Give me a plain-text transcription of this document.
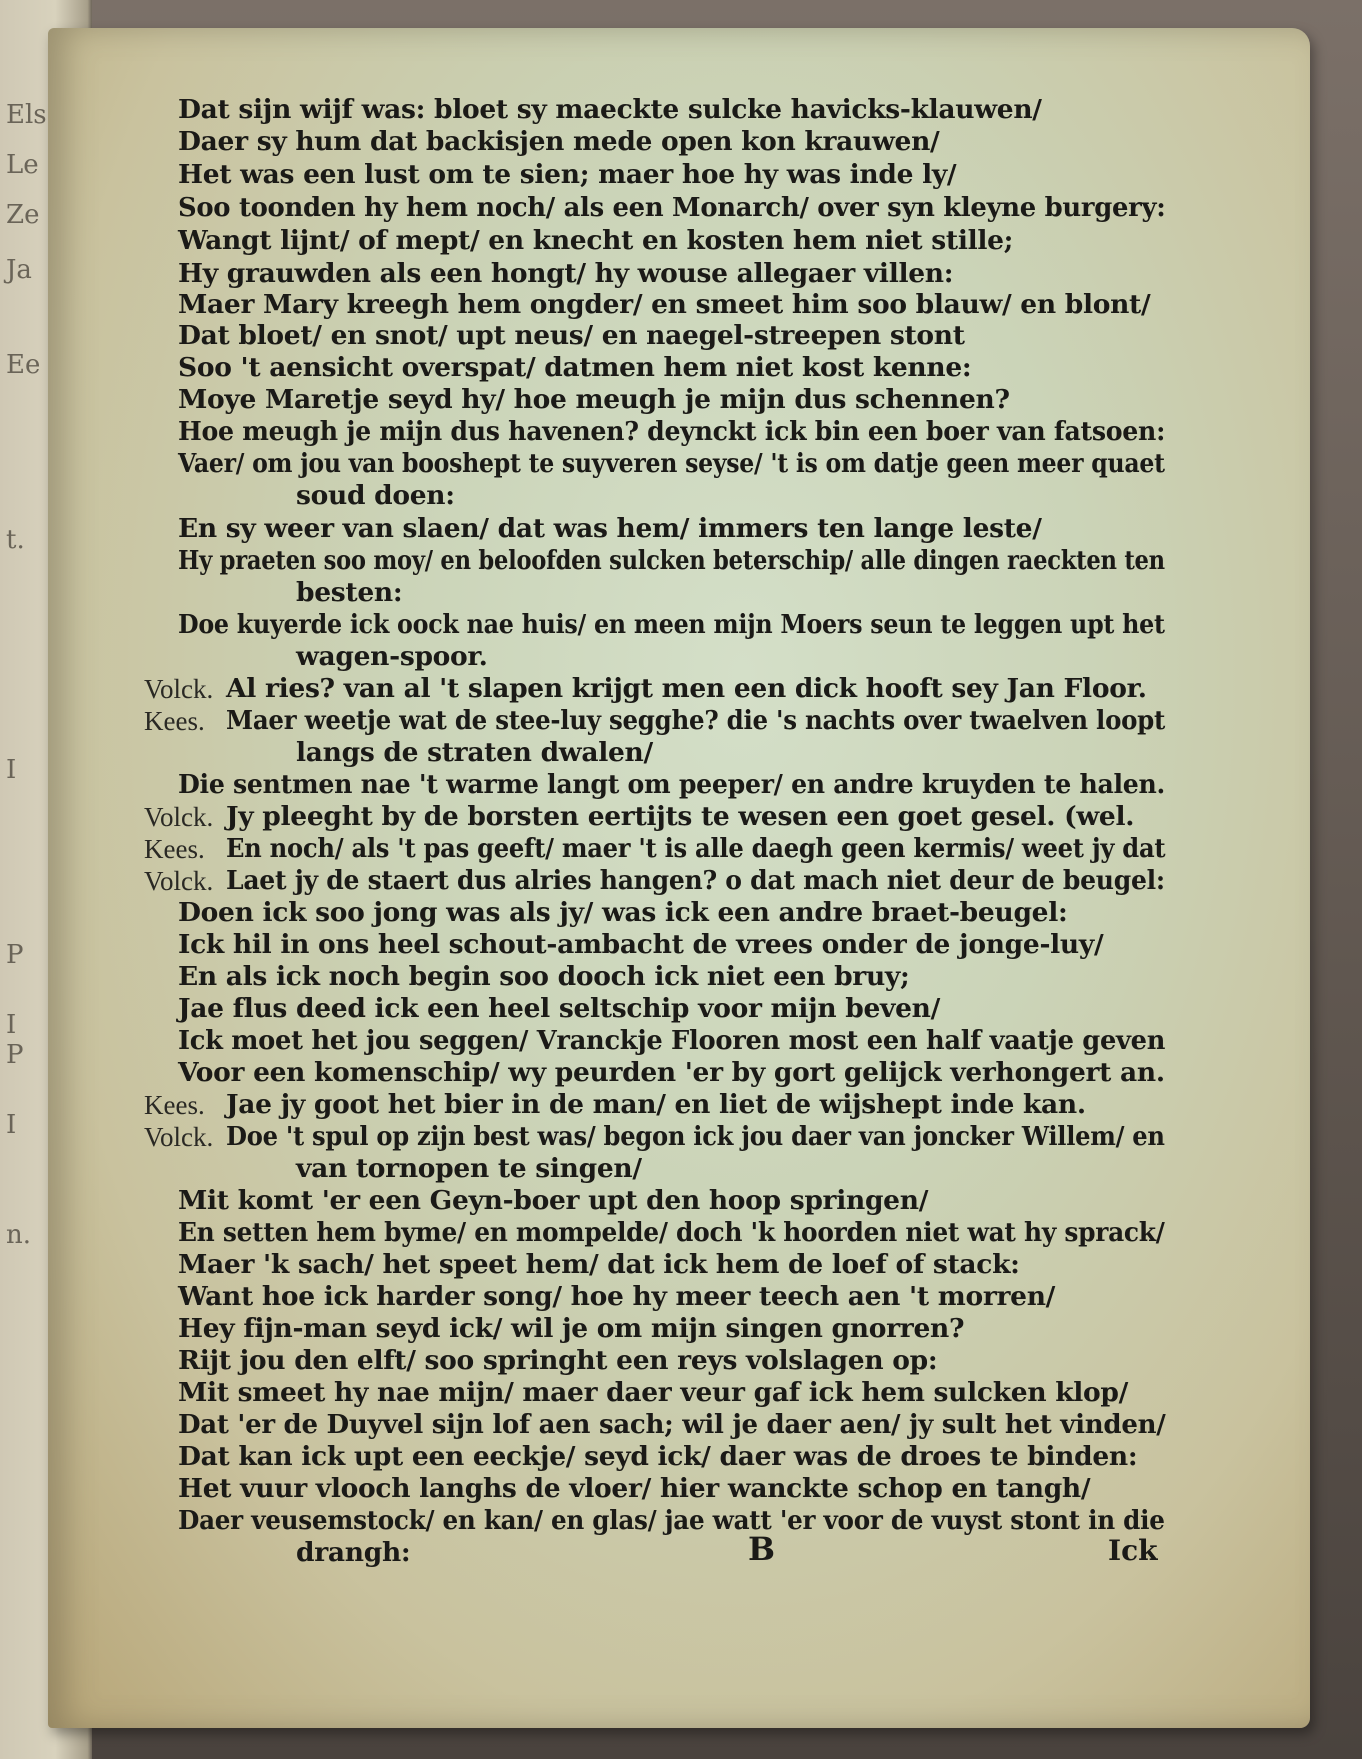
Els
Le
Ze
Ja
Ee
t.
I
P
I
P
I
n.

Dat sijn wijf was: bloet sy maeckte sulcke havicks-klauwen/
Daer sy hum dat backisjen mede open kon krauwen/
Het was een lust om te sien; maer hoe hy was inde ly/
Soo toonden hy hem noch/ als een Monarch/ over syn kleyne burgery:
Wangt lijnt/ of mept/ en knecht en kosten hem niet stille;
Hy grauwden als een hongt/ hy wouse allegaer villen:
Maer Mary kreegh hem ongder/ en smeet him soo blauw/ en blont/
Dat bloet/ en snot/ upt neus/ en naegel-streepen stont
Soo 't aensicht overspat/ datmen hem niet kost kenne:
Moye Maretje seyd hy/ hoe meugh je mijn dus schennen?
Hoe meugh je mijn dus havenen? deynckt ick bin een boer van fatsoen:
Vaer/ om jou van booshept te suyveren seyse/ 't is om datje geen meer quaet
soud doen:
En sy weer van slaen/ dat was hem/ immers ten lange leste/
Hy praeten soo moy/ en beloofden sulcken beterschip/ alle dingen raeckten ten
besten:
Doe kuyerde ick oock nae huis/ en meen mijn Moers seun te leggen upt het
wagen-spoor.
Volck. Al ries? van al 't slapen krijgt men een dick hooft sey Jan Floor.
Kees. Maer weetje wat de stee-luy segghe? die 's nachts over twaelven loopt
langs de straten dwalen/
Die sentmen nae 't warme langt om peeper/ en andre kruyden te halen.
Volck. Jy pleeght by de borsten eertijts te wesen een goet gesel. (wel.
Kees. En noch/ als 't pas geeft/ maer 't is alle daegh geen kermis/ weet jy dat
Volck. Laet jy de staert dus alries hangen? o dat mach niet deur de beugel:
Doen ick soo jong was als jy/ was ick een andre braet-beugel:
Ick hil in ons heel schout-ambacht de vrees onder de jonge-luy/
En als ick noch begin soo dooch ick niet een bruy;
Jae flus deed ick een heel seltschip voor mijn beven/
Ick moet het jou seggen/ Vranckje Flooren most een half vaatje geven
Voor een komenschip/ wy peurden 'er by gort gelijck verhongert an.
Kees. Jae jy goot het bier in de man/ en liet de wijshept inde kan.
Volck. Doe 't spul op zijn best was/ begon ick jou daer van joncker Willem/ en
van tornopen te singen/
Mit komt 'er een Geyn-boer upt den hoop springen/
En setten hem byme/ en mompelde/ doch 'k hoorden niet wat hy sprack/
Maer 'k sach/ het speet hem/ dat ick hem de loef of stack:
Want hoe ick harder song/ hoe hy meer teech aen 't morren/
Hey fijn-man seyd ick/ wil je om mijn singen gnorren?
Rijt jou den elft/ soo springht een reys volslagen op:
Mit smeet hy nae mijn/ maer daer veur gaf ick hem sulcken klop/
Dat 'er de Duyvel sijn lof aen sach; wil je daer aen/ jy sult het vinden/
Dat kan ick upt een eeckje/ seyd ick/ daer was de droes te binden:
Het vuur vlooch langhs de vloer/ hier wanckte schop en tangh/
Daer veusemstock/ en kan/ en glas/ jae watt 'er voor de vuyst stont in die
drangh:	B	Ick
